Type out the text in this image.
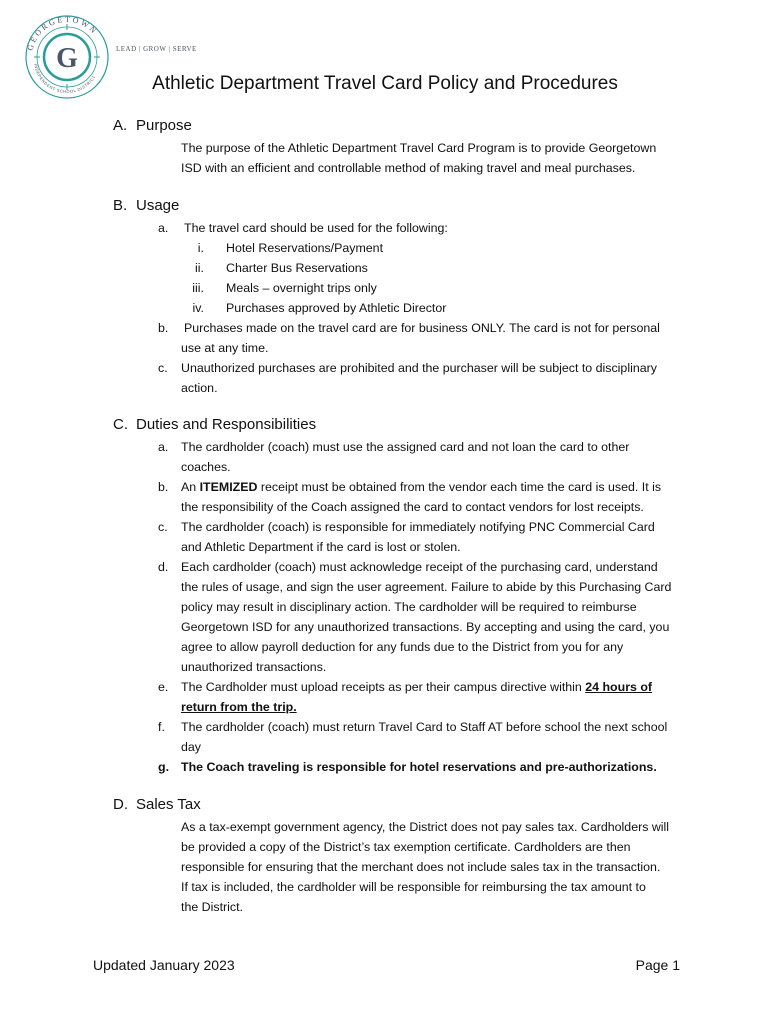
GEORGETOWN
INDEPENDENT SCHOOL DISTRICT
G	LEAD | GROW | SERVE
Athletic Department Travel Card Policy and Procedures
A. Purpose
The purpose of the Athletic Department Travel Card Program is to provide Georgetown
ISD with an efficient and controllable method of making travel and meal purchases.
B. Usage
a. The travel card should be used for the following:
i. Hotel Reservations/Payment
ii. Charter Bus Reservations
iii. Meals – overnight trips only
iv. Purchases approved by Athletic Director
b. Purchases made on the travel card are for business ONLY. The card is not for personal
use at any time.
c. Unauthorized purchases are prohibited and the purchaser will be subject to disciplinary
action.
C. Duties and Responsibilities
a. The cardholder (coach) must use the assigned card and not loan the card to other
coaches.
b. An ITEMIZED receipt must be obtained from the vendor each time the card is used. It is
the responsibility of the Coach assigned the card to contact vendors for lost receipts.
c. The cardholder (coach) is responsible for immediately notifying PNC Commercial Card
and Athletic Department if the card is lost or stolen.
d. Each cardholder (coach) must acknowledge receipt of the purchasing card, understand
the rules of usage, and sign the user agreement. Failure to abide by this Purchasing Card
policy may result in disciplinary action. The cardholder will be required to reimburse
Georgetown ISD for any unauthorized transactions. By accepting and using the card, you
agree to allow payroll deduction for any funds due to the District from you for any
unauthorized transactions.
e. The Cardholder must upload receipts as per their campus directive within 24 hours of
return from the trip.
f. The cardholder (coach) must return Travel Card to Staff AT before school the next school
day
g. The Coach traveling is responsible for hotel reservations and pre-authorizations.
D. Sales Tax
As a tax-exempt government agency, the District does not pay sales tax. Cardholders will
be provided a copy of the District’s tax exemption certificate. Cardholders are then
responsible for ensuring that the merchant does not include sales tax in the transaction.
If tax is included, the cardholder will be responsible for reimbursing the tax amount to
the District.
Updated January 2023	Page 1
